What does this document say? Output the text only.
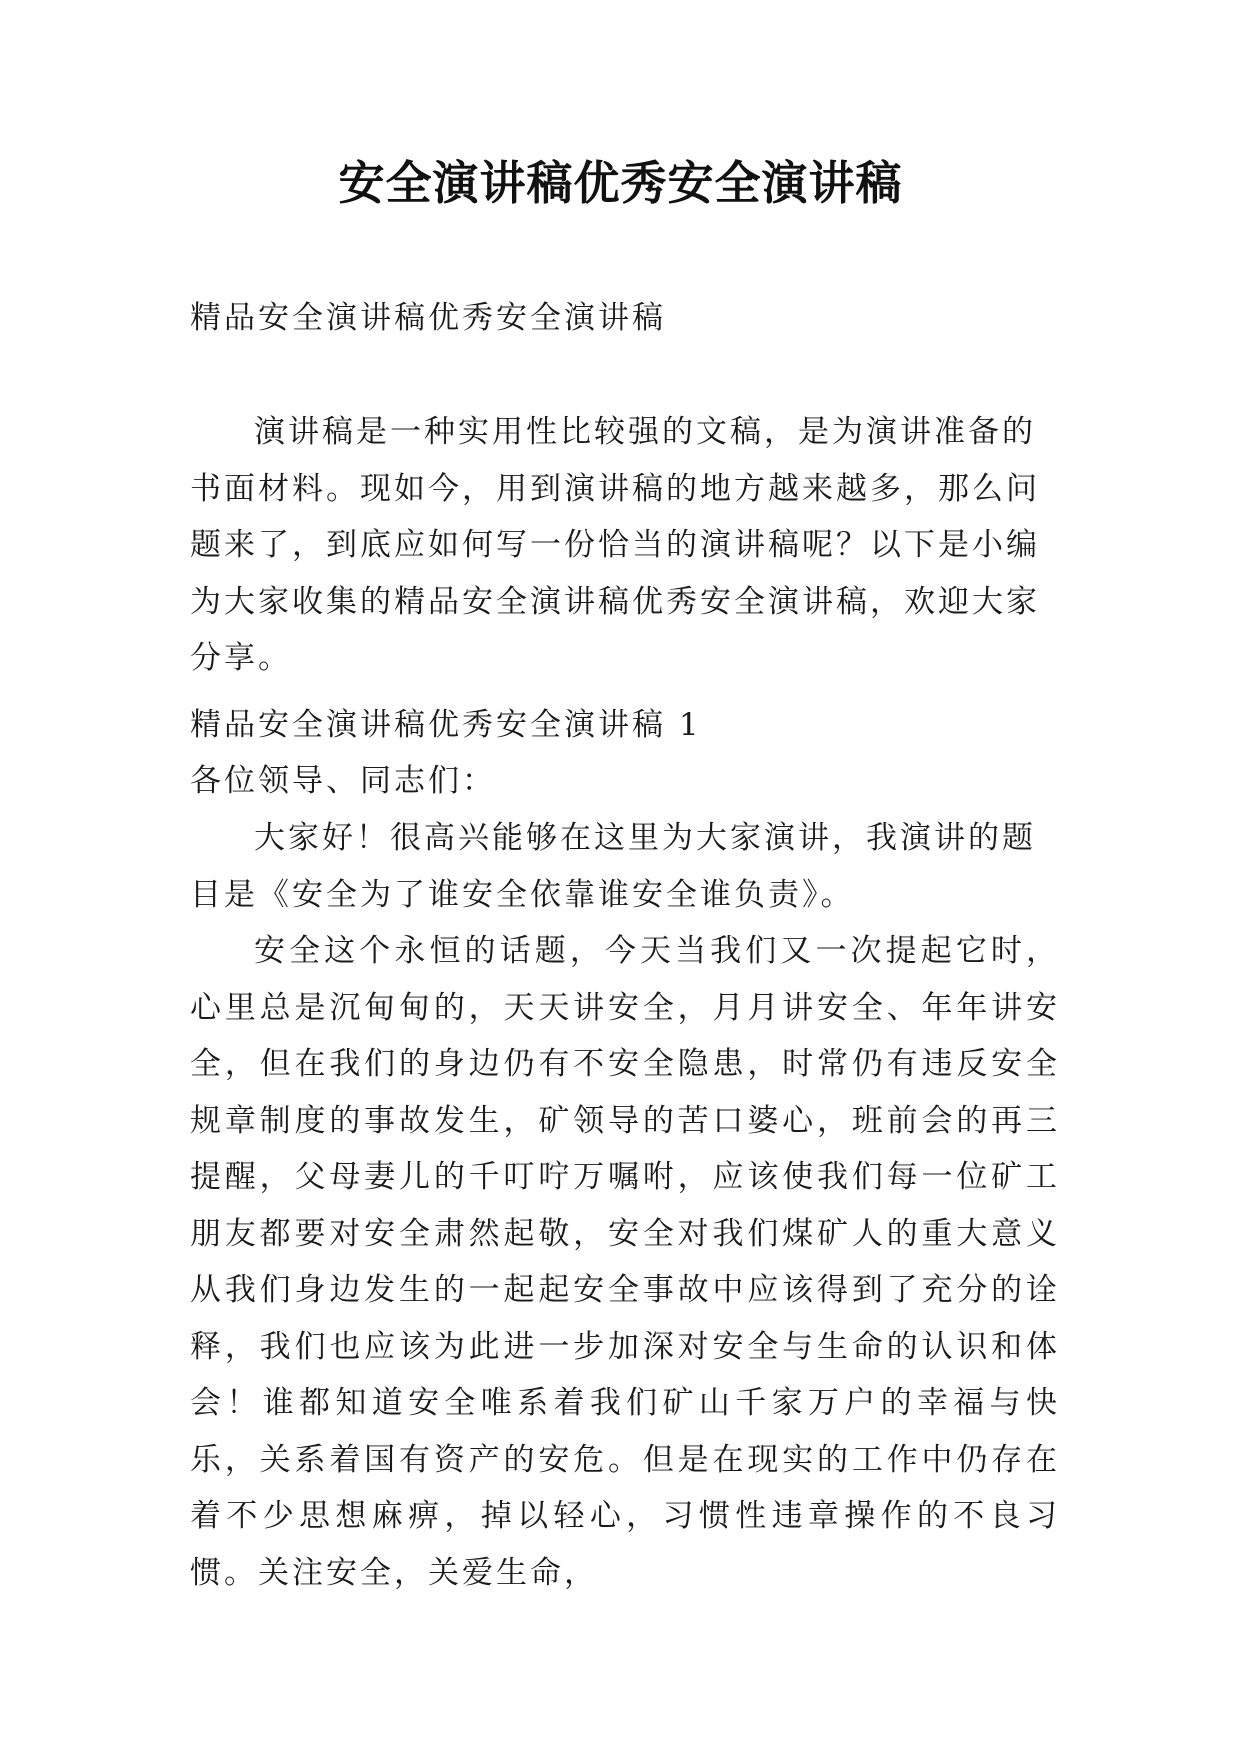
安全演讲稿优秀安全演讲稿

精品安全演讲稿优秀安全演讲稿

演讲稿是一种实用性比较强的文稿，是为演讲准备的书面材料。现如今，用到演讲稿的地方越来越多，那么问题来了，到底应如何写一份恰当的演讲稿呢？以下是小编为大家收集的精品安全演讲稿优秀安全演讲稿，欢迎大家分享。

精品安全演讲稿优秀安全演讲稿 1

各位领导、同志们：

大家好！很高兴能够在这里为大家演讲，我演讲的题目是《安全为了谁安全依靠谁安全谁负责》。

安全这个永恒的话题，今天当我们又一次提起它时，心里总是沉甸甸的，天天讲安全，月月讲安全、年年讲安全，但在我们的身边仍有不安全隐患，时常仍有违反安全规章制度的事故发生，矿领导的苦口婆心，班前会的再三提醒，父母妻儿的千叮咛万嘱咐，应该使我们每一位矿工朋友都要对安全肃然起敬，安全对我们煤矿人的重大意义从我们身边发生的一起起安全事故中应该得到了充分的诠释，我们也应该为此进一步加深对安全与生命的认识和体会！谁都知道安全唯系着我们矿山千家万户的幸福与快乐，关系着国有资产的安危。但是在现实的工作中仍存在着不少思想麻痹，掉以轻心，习惯性违章操作的不良习惯。关注安全，关爱生命，
